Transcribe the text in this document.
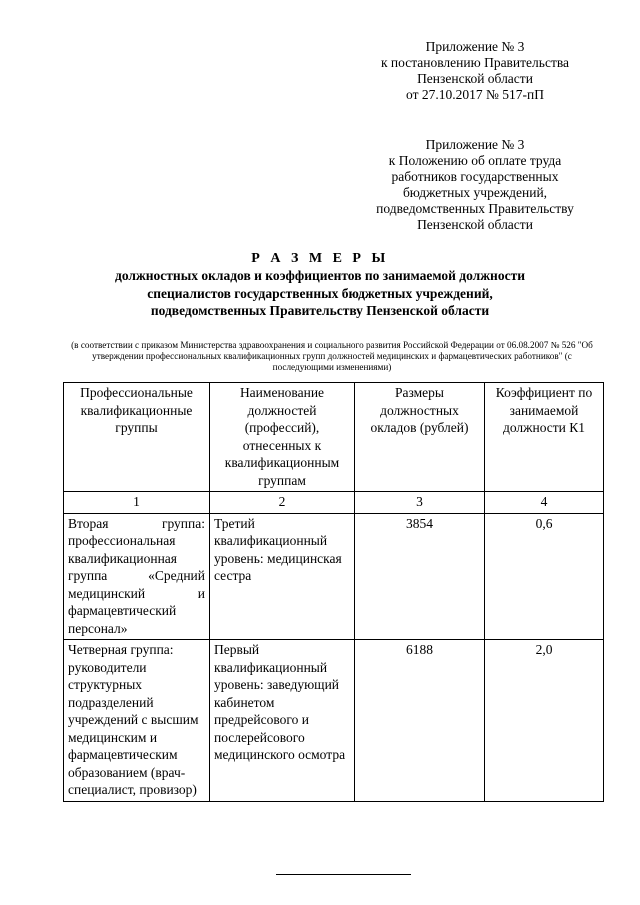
Приложение № 3
к постановлению Правительства
Пензенской области
от 27.10.2017 № 517-пП
Приложение № 3
к Положению об оплате труда
работников государственных
бюджетных учреждений,
подведомственных Правительству
Пензенской области
Р А З М Е Р Ы
должностных окладов и коэффициентов по занимаемой должности
специалистов государственных бюджетных учреждений,
подведомственных Правительству Пензенской области
(в соответствии с приказом Министерства здравоохранения и социального развития Российской Федерации от 06.08.2007 № 526 "Об утверждении профессиональных квалификационных групп должностей медицинских и фармацевтических работников" (с последующими изменениями)
Профессиональные квалификационные группы	Наименование должностей (профессий), отнесенных к квалификационным группам	Размеры должностных окладов (рублей)	Коэффициент по занимаемой должности К1
1	2	3	4
Вторая группа: профессиональная квалификационная группа «Средний медицинский и фармацевтический персонал»	Третий квалификационный уровень: медицинская сестра	3854	0,6
Четверная группа: руководители структурных подразделений учреждений с высшим медицинским и фармацевтическим образованием (врач-специалист, провизор)	Первый квалификационный уровень: заведующий кабинетом предрейсового и послерейсового медицинского осмотра	6188	2,0
